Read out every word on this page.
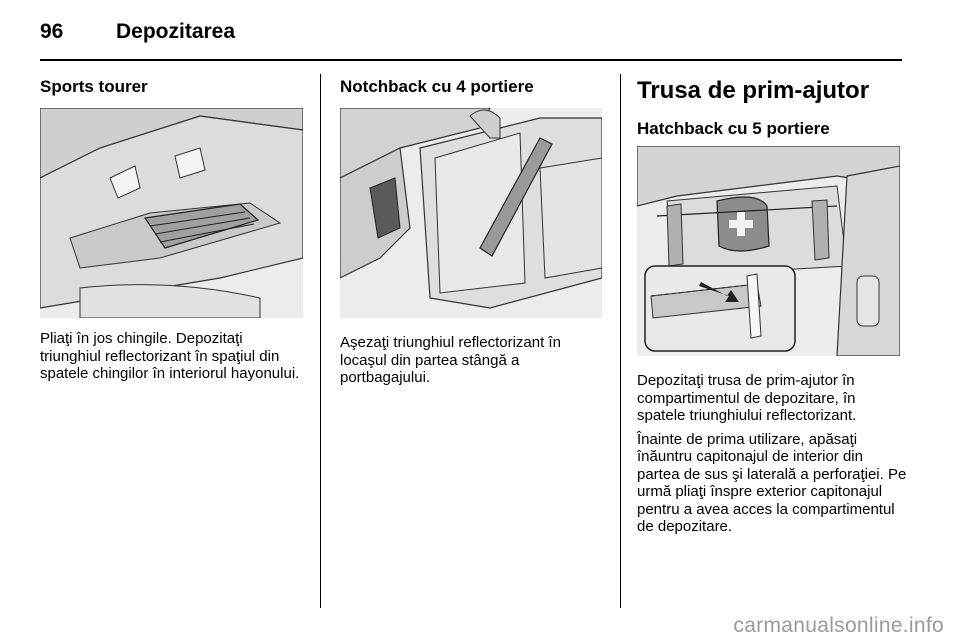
96	Depozitarea
Sports tourer

Pliaţi în jos chingile. Depozitaţi triunghiul reflectorizant în spaţiul din spatele chingilor în interiorul hayonului.

Notchback cu 4 portiere

Aşezaţi triunghiul reflectorizant în locaşul din partea stângă a portbagajului.

Trusa de prim-ajutor
Hatchback cu 5 portiere

Depozitaţi trusa de prim-ajutor în compartimentul de depozitare, în spatele triunghiului reflectorizant.

Înainte de prima utilizare, apăsaţi înăuntru capitonajul de interior din partea de sus şi laterală a perforaţiei. Pe urmă pliaţi înspre exterior capitonajul pentru a avea acces la compartimentul de depozitare.

carmanualsonline.info
